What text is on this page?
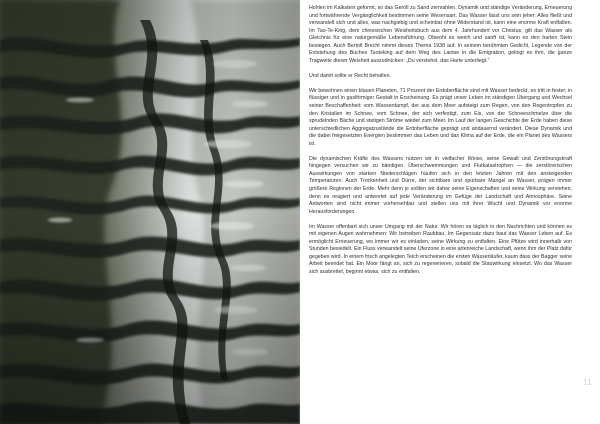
Hohlen im Kalkstein geformt, so das Geröll zu Sand zermahlen. Dynamik und ständige Veränderung, Erneuerung und fortwährende Vergänglichkeit bestimmen seine Wesensart. Das Wasser lässt uns sein jeher: Alles fließt und verwandelt sich und alles, was nachgiebig und scheinbar ohne Widerstand ist, kann eine enorme Kraft entfalten. Im Tao-Te-King, dem chinesischen Weisheitsbuch aus dem 4. Jahrhundert vor Christus, gilt das Wasser als Gleichnis für eine naturgemäße Lebensführung. Obwohl es weich und sanft ist, kann es den harten Stein besiegen. Auch Bertolt Brecht nimmt dieses Thema 1938 auf. In seinem berühmten Gedicht, Legende von der Entstehung des Buches Taoteking auf dem Weg des Laotse in die Emigration, gelingt es ihm, die ganze Tragweite dieser Weisheit auszudrücken: „Du verstehst, das Harte unterliegt.“

Und damit sollte er Recht behalten.

Wir bewohnen einen blauen Planeten, 71 Prozent der Erdoberfläche sind mit Wasser bedeckt, es tritt in fester, in flüssiger und in gasförmiger Gestalt in Erscheinung. Es prägt unser Leben im ständigen Übergang und Wechsel seiner Beschaffenheit: vom Wasserdampf, der aus dem Meer aufsteigt zum Regen, von den Regentropfen zu den Kristallen im Schnee, vom Schnee, der sich verfestigt, zum Eis, von der Schneeschmelze über die sprudelnden Bäche und stetigen Ströme wieder zum Meer. Im Lauf der langen Geschichte der Erde haben diese unterschiedlichen Aggregatzustände die Erdoberfläche geprägt und andauernd verändert. Diese Dynamik und die dabei freigesetzten Energien bestimmen das Leben und das Klima auf der Erde, die ein Planet des Wassers ist.

Die dynamischen Kräfte des Wassers nutzen wir in vielfacher Weise, seine Gewalt und Zerstörungskraft hingegen versuchen wir zu bändigen. Überschwemmungen und Flutkatastrophen — die zerstörerischen Auswirkungen von starken Niederschlägen häufen sich in den letzten Jahren mit den ansteigenden Temperaturen. Auch Trockenheit und Dürre, der sichtbare und spürbare Mangel an Wasser, prägen immer größere Regionen der Erde. Mehr denn je sollten wir daher seine Eigenschaften und seine Wirkung verstehen, denn es reagiert und antwortet auf jede Veränderung im Gefüge der Landschaft und Atmosphäre. Seine Antworten sind nicht immer vorhersehbar und stellen uns mit ihrer Wucht und Dynamik vor enorme Herausforderungen.

Im Wasser offenbart sich unser Umgang mit der Natur. Wir hören es täglich in den Nachrichten und können es mit eigenen Augen wahrnehmen: Wir betreiben Raubbau. Im Gegensatz dazu baut das Wasser Leben auf. Es ermöglicht Erneuerung, wo immer wir es einladen, seine Wirkung zu entfalten. Eine Pfütze wird innerhalb von Stunden besiedelt. Ein Fluss verwandelt seine Uferzone in eine artenreiche Landschaft, wenn ihm der Platz dafür gegeben wird. In einem frisch angelegten Teich erscheinen die ersten Wasserläufer, kaum dass der Bagger seine Arbeit beendet hat. Ein Moor fängt an, sich zu regenerieren, sobald die Stauwirkung einsetzt. Wo das Wasser sich ausbreitet, beginnt etwas, sich zu entfalten.

11
